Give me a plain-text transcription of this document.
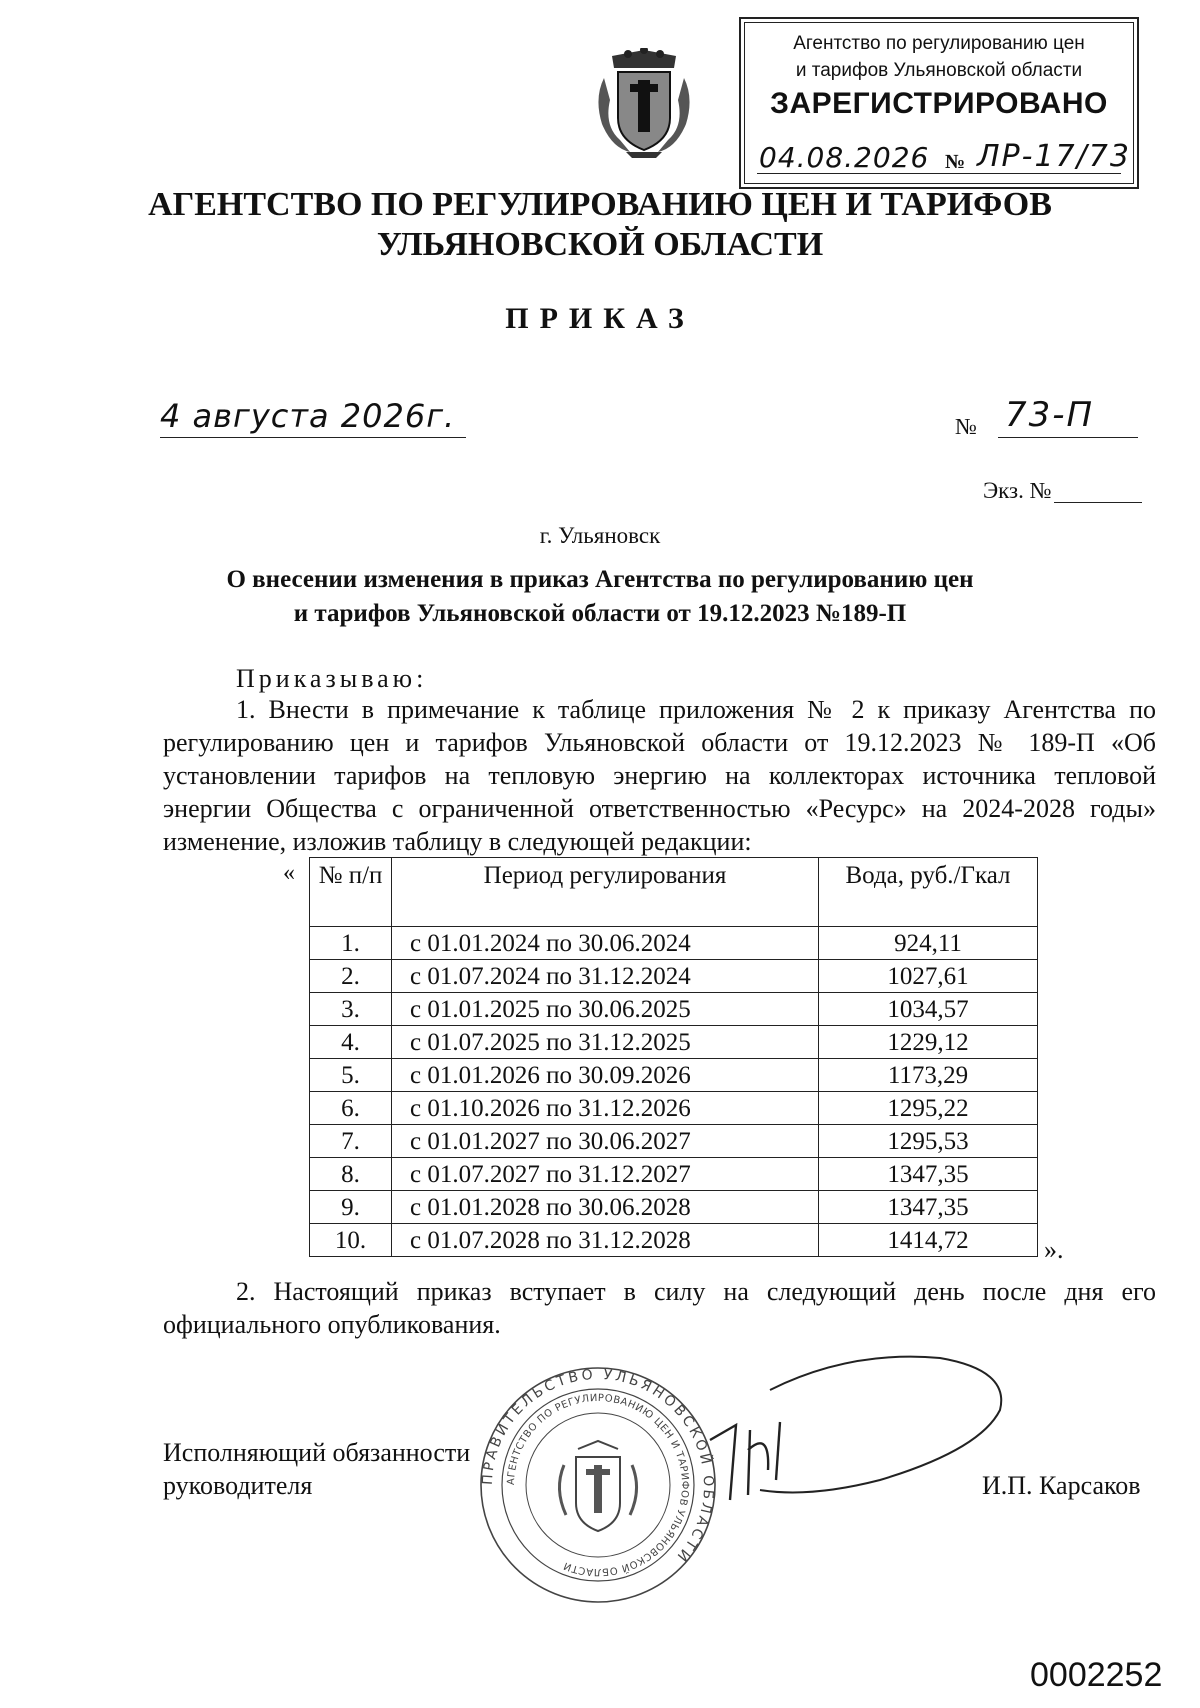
Агентство по регулированию цен
и тарифов Ульяновской области
ЗАРЕГИСТРИРОВАНО
04.08.2026 № ЛР-17/73
АГЕНТСТВО ПО РЕГУЛИРОВАНИЮ ЦЕН И ТАРИФОВ
УЛЬЯНОВСКОЙ ОБЛАСТИ
ПРИКАЗ
4 августа 2026г.	№ 73-П
Экз. №
г. Ульяновск
О внесении изменения в приказ Агентства по регулированию цен
и тарифов Ульяновской области от 19.12.2023 №189-П
Приказываю:
1. Внести в примечание к таблице приложения № 2 к приказу Агентства по регулированию цен и тарифов Ульяновской области от 19.12.2023 № 189-П «Об установлении тарифов на тепловую энергию на коллекторах источника тепловой энергии Общества с ограниченной ответственностью «Ресурс» на 2024-2028 годы» изменение, изложив таблицу в следующей редакции:
« № п/п	Период регулирования	Вода, руб./Гкал
1.	с 01.01.2024 по 30.06.2024	924,11
2.	с 01.07.2024 по 31.12.2024	1027,61
3.	с 01.01.2025 по 30.06.2025	1034,57
4.	с 01.07.2025 по 31.12.2025	1229,12
5.	с 01.01.2026 по 30.09.2026	1173,29
6.	с 01.10.2026 по 31.12.2026	1295,22
7.	с 01.01.2027 по 30.06.2027	1295,53
8.	с 01.07.2027 по 31.12.2027	1347,35
9.	с 01.01.2028 по 30.06.2028	1347,35
10.	с 01.07.2028 по 31.12.2028	1414,72	».
2. Настоящий приказ вступает в силу на следующий день после дня его официального опубликования.
Исполняющий обязанности
руководителя	ПРАВИТЕЛЬСТВО УЛЬЯНОВСКОЙ ОБЛАСТИ
АГЕНТСТВО ПО РЕГУЛИРОВАНИЮ ЦЕН И ТАРИФОВ УЛЬЯНОВСКОЙ ОБЛАСТИ
И.П. Карсаков
0002252
